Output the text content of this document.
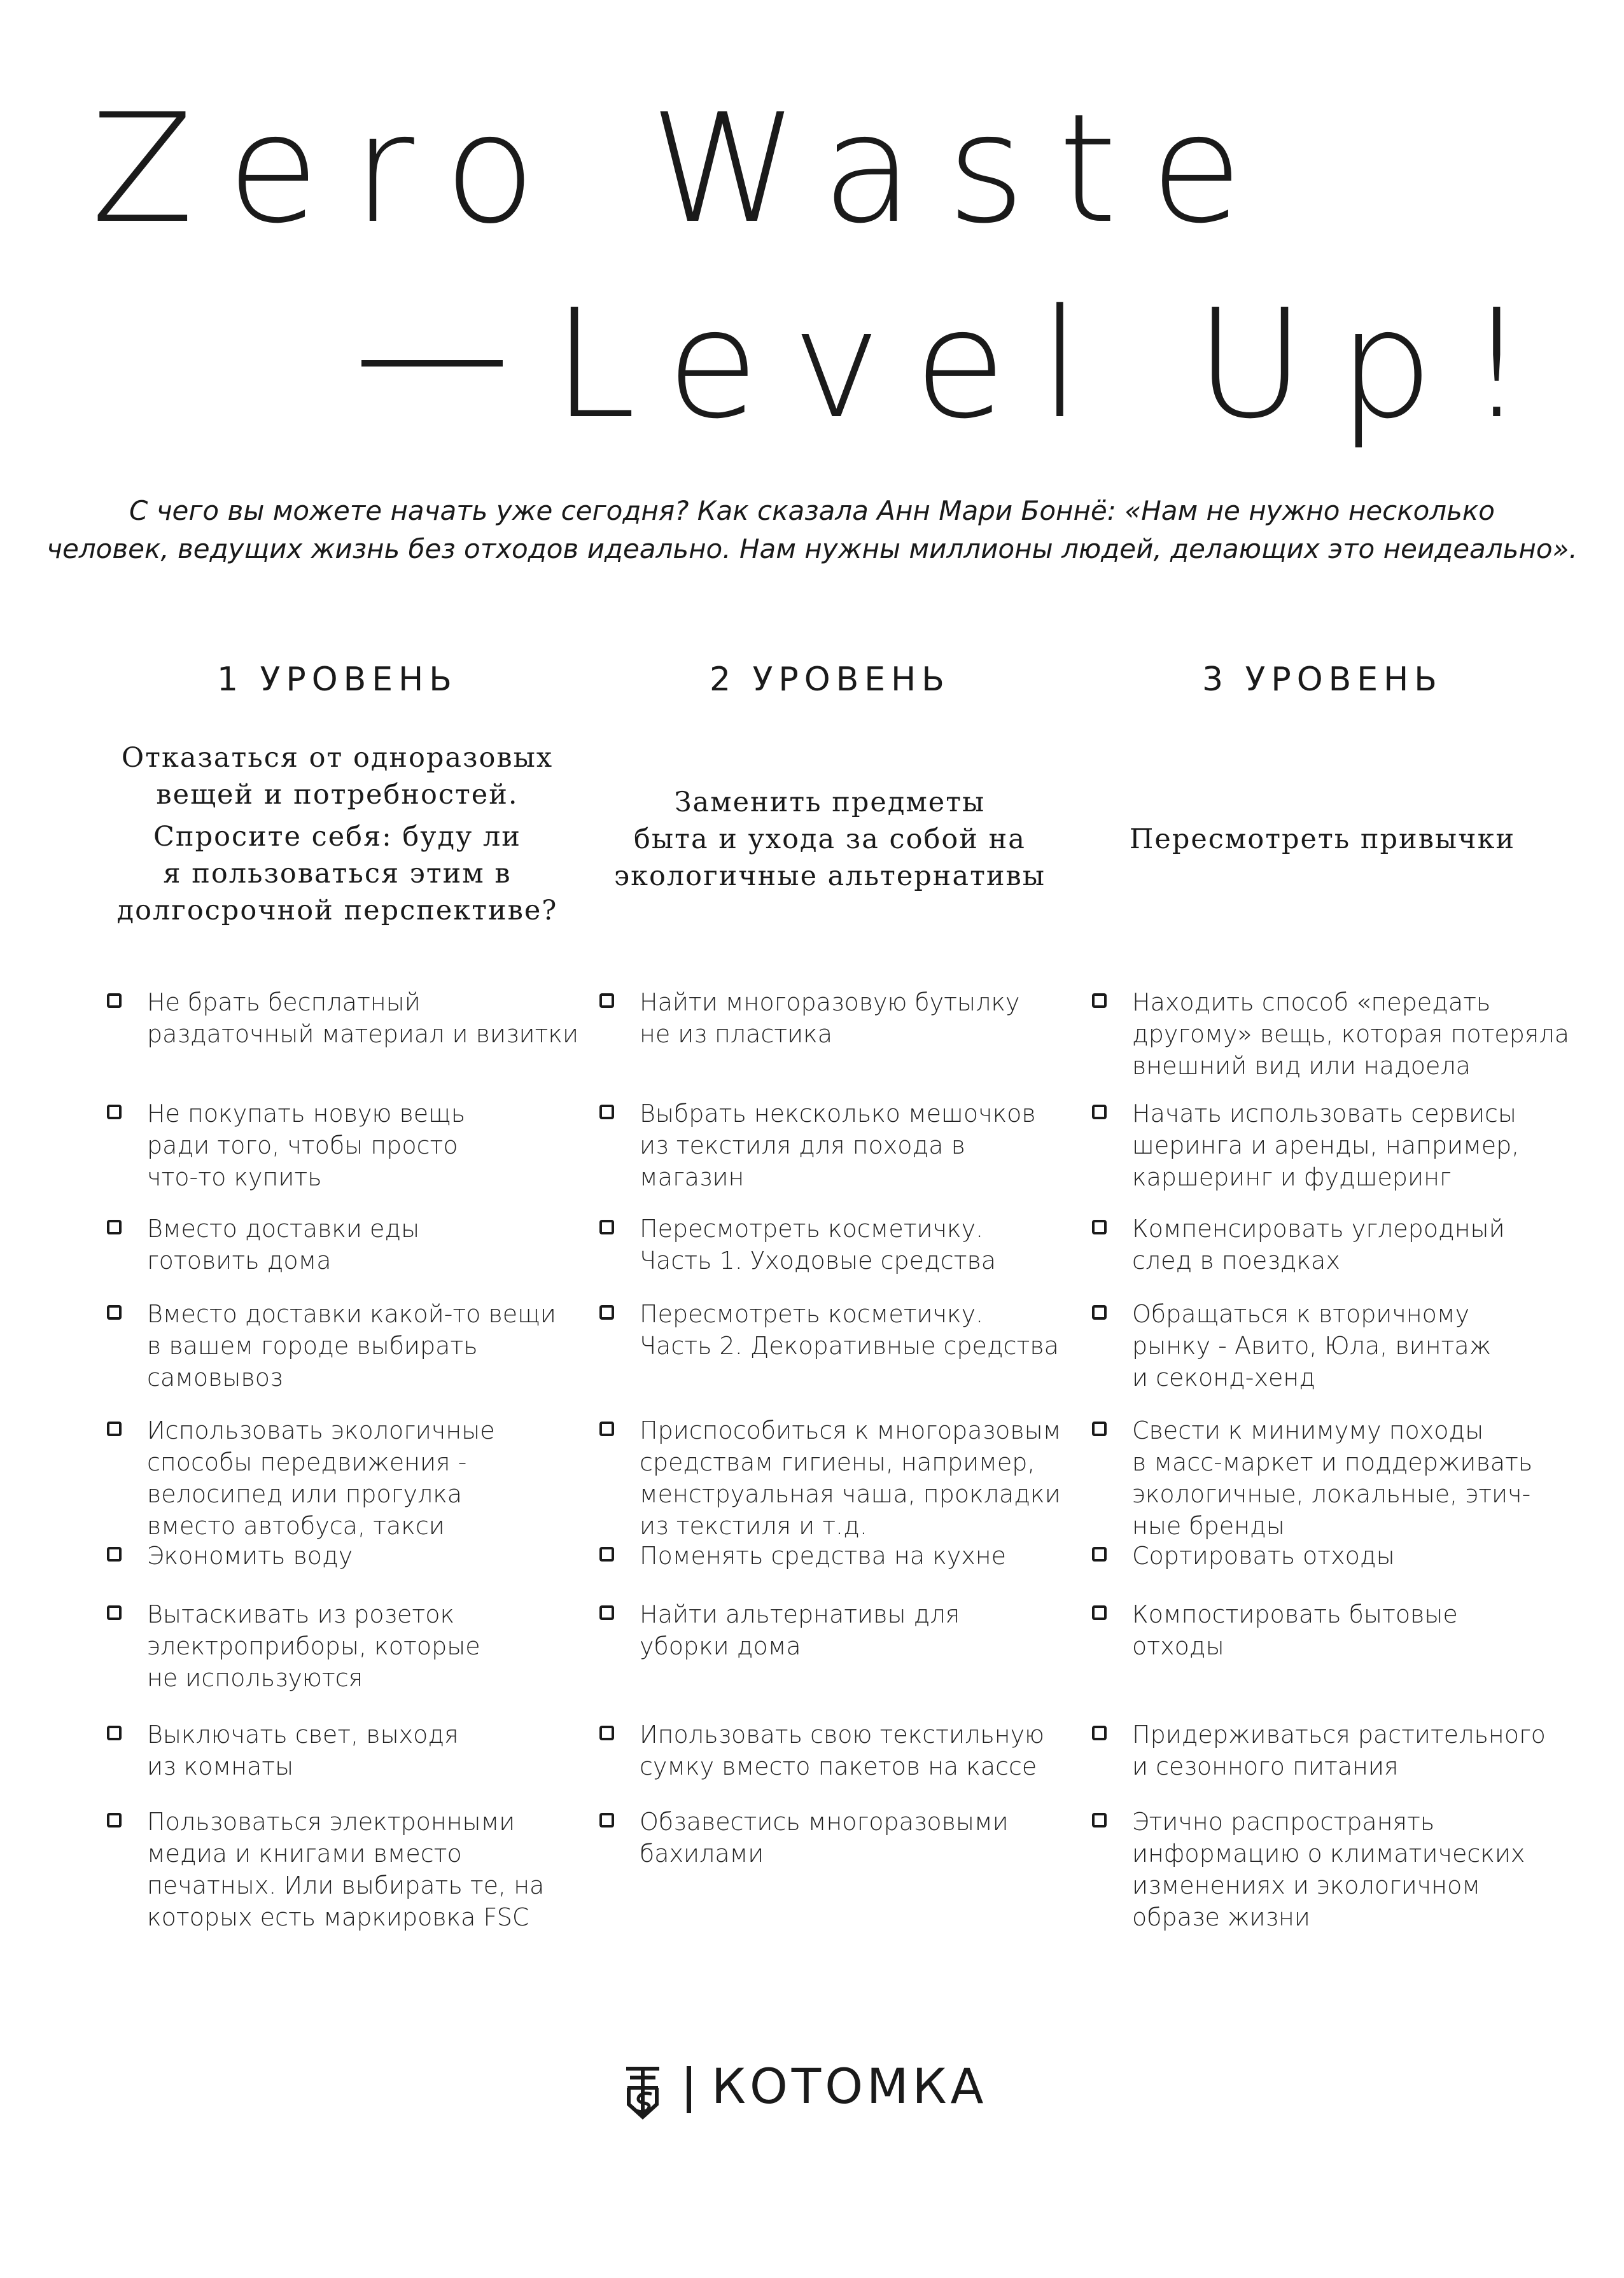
Zero Waste
Level Up!
С чего вы можете начать уже сегодня? Как сказала Анн Мари Боннё: «Нам не нужно несколько
человек, ведущих жизнь без отходов идеально. Нам нужны миллионы людей, делающих это неидеально».
1 УРОВЕНЬ
Отказаться от одноразовых
вещей и потребностей.
Спросите себя: буду ли
я пользоваться этим в
долгосрочной перспективе?
Не брать бесплатный
раздаточный материал и визитки
Не покупать новую вещь
ради того, чтобы просто
что-то купить
Вместо доставки еды
готовить дома
Вместо доставки какой-то вещи
в вашем городе выбирать
самовывоз
Использовать экологичные
способы передвижения -
велосипед или прогулка
вместо автобуса, такси
Экономить воду
Вытаскивать из розеток
электроприборы, которые
не используются
Выключать свет, выходя
из комнаты
Пользоваться электронными
медиа и книгами вместо
печатных. Или выбирать те, на
которых есть маркировка FSC
2 УРОВЕНЬ
Заменить предметы
быта и ухода за собой на
экологичные альтернативы
Найти многоразовую бутылку
не из пластика
Выбрать нексколько мешочков
из текстиля для похода в
магазин
Пересмотреть косметичку.
Часть 1. Уходовые средства
Пересмотреть косметичку.
Часть 2. Декоративные средства
Приспособиться к многоразовым
средствам гигиены, например,
менструальная чаша, прокладки
из текстиля и т.д.
Поменять средства на кухне
Найти альтернативы для
уборки дома
Ипользовать свою текстильную
сумку вместо пакетов на кассе
Обзавестись многоразовыми
бахилами
3 УРОВЕНЬ
Пересмотреть привычки
Находить способ «передать
другому» вещь, которая потеряла
внешний вид или надоела
Начать использовать сервисы
шеринга и аренды, например,
каршеринг и фудшеринг
Компенсировать углеродный
след в поездках
Обращаться к вторичному
рынку - Авито, Юла, винтаж
и секонд-хенд
Свести к минимуму походы
в масс-маркет и поддерживать
экологичные, локальные, этич-
ные бренды
Сортировать отходы
Компостировать бытовые
отходы
Придерживаться растительного
и сезонного питания
Этично распространять
информацию о климатических
изменениях и экологичном
образе жизни
КОТОМКА
